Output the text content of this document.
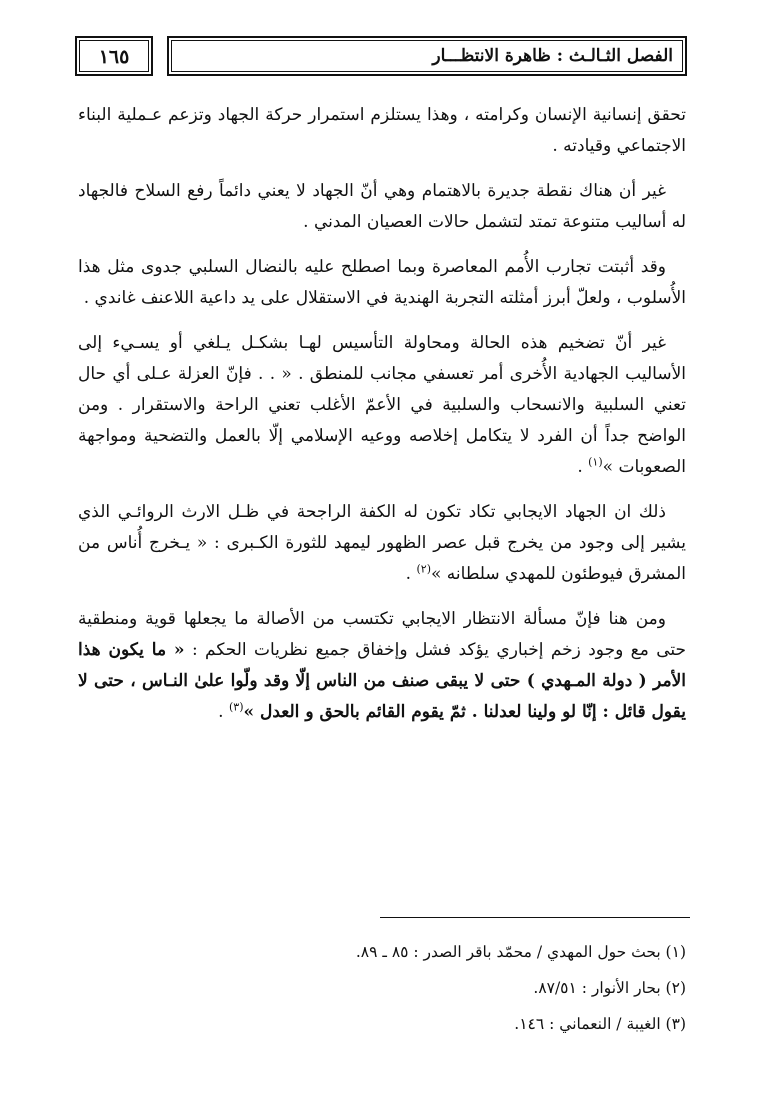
الفصل الثـالـث : ظاهرة الانتظـــار
١٦٥

تحقق إنسانية الإنسان وكرامته ، وهذا يستلزم استمرار حركة الجهاد وتزعم عـملية البناء الاجتماعي وقيادته .

غير أن هناك نقطة جديرة بالاهتمام وهي أنّ الجهاد لا يعني دائماً رفع السلاح فالجهاد له أساليب متنوعة تمتد لتشمل حالات العصيان المدني .

وقد أثبتت تجارب الأُمم المعاصرة وبما اصطلح عليه بالنضال السلبي جدوى مثل هذا الأُسلوب ، ولعلّ أبرز أمثلته التجربة الهندية في الاستقلال على يد داعية اللاعنف غاندي .

غير أنّ تضخيم هذه الحالة ومحاولة التأسيس لهـا بشكـل يـلغي أو يسـيء إلى الأساليب الجهادية الأُخرى أمر تعسفي مجانب للمنطق . « . . فإنّ العزلة عـلى أي حال تعني السلبية والانسحاب والسلبية في الأعمّ الأغلب تعني الراحة والاستقرار . ومن الواضح جداً أن الفرد لا يتكامل إخلاصه ووعيه الإسلامي إلّا بالعمل والتضحية ومواجهة الصعوبات »$^{(١)}$ .

ذلك ان الجهاد الايجابي تكاد تكون له الكفة الراجحة في ظـل الارث الروائـي الذي يشير إلى وجود من يخرج قبل عصر الظهور ليمهد للثورة الكـبرى : « يـخرج أُناس من المشرق فيوطئون للمهدي سلطانه »$^{(٢)}$ .

ومن هنا فإنّ مسألة الانتظار الايجابي تكتسب من الأصالة ما يجعلها قوية ومنطقية حتى مع وجود زخم إخباري يؤكد فشل وإخفاق جميع نظريات الحكم : « ما يكون هذا الأمر ( دولة المـهدي ) حتى لا يبقى صنف من الناس إلّا وقد ولّوا علىٰ النـاس ، حتى لا يقول قائل : إنّا لو ولينا لعدلنا . ثمّ يقوم القائم بالحق و العدل »$^{(٣)}$ .

(١) بحث حول المهدي / محمّد باقر الصدر : ٨٥ ـ ٨٩.

(٢) بحار الأنوار : ٨٧/٥١.

(٣) الغيبة / النعماني : ١٤٦.
